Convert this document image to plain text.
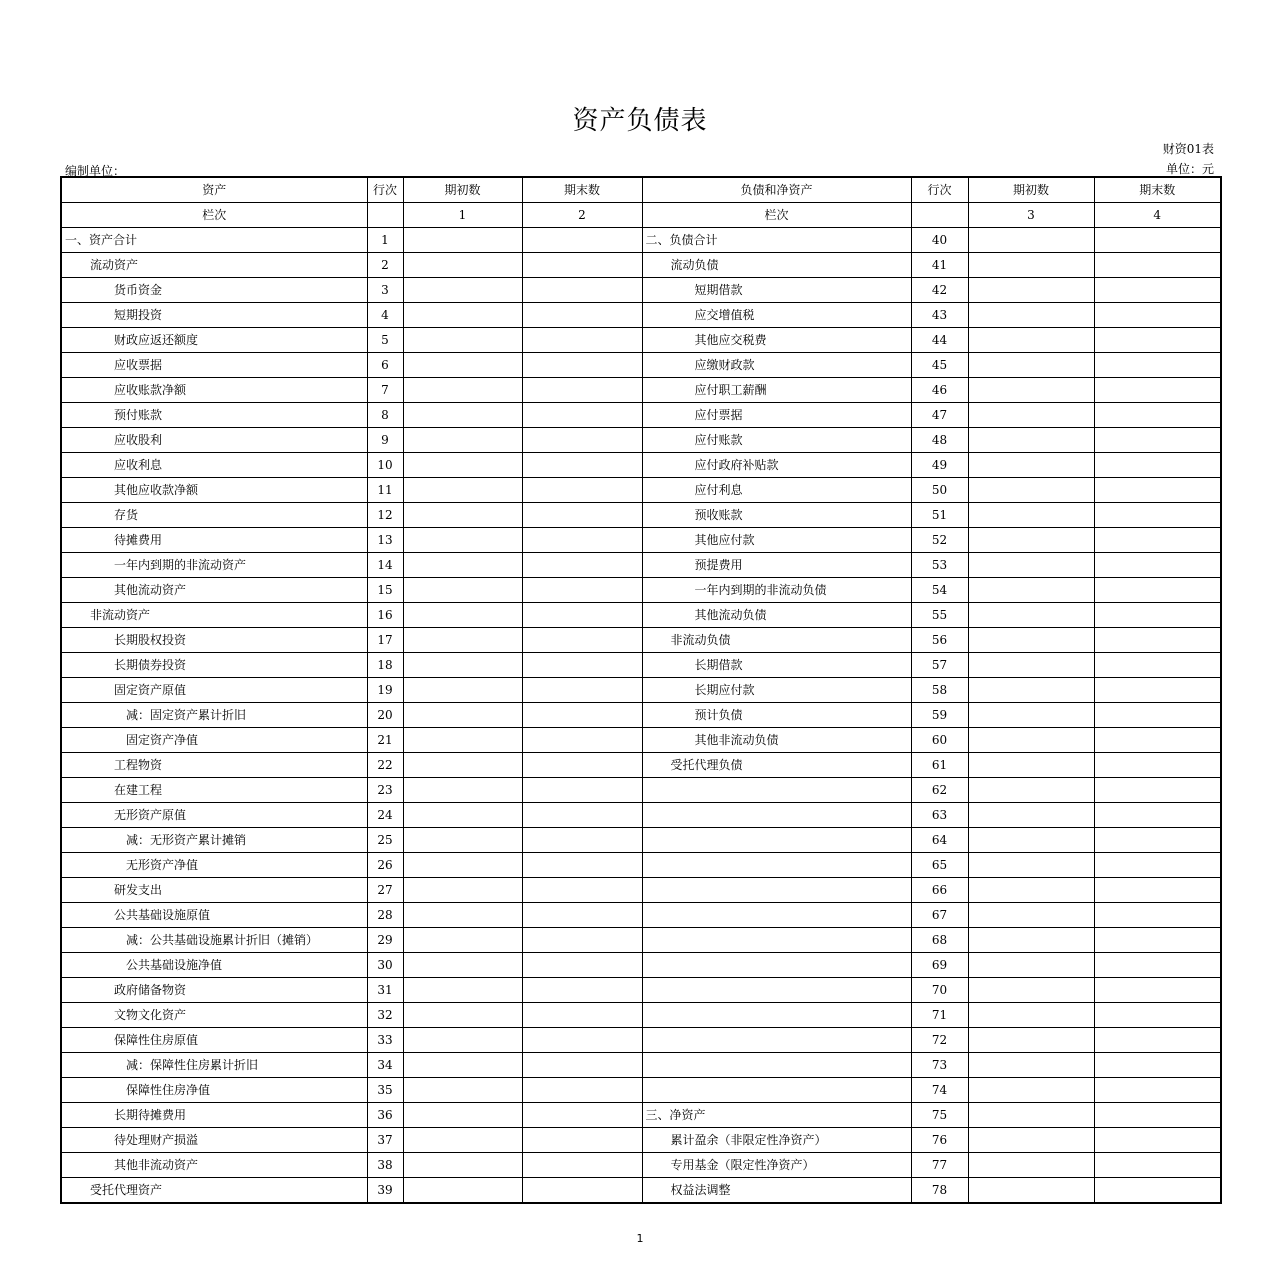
资产负债表
财资01表
单位：元
编制单位：
资产	行次	期初数	期末数	负债和净资产	行次	期初数	期末数
栏次		1	2	栏次		3	4
一、资产合计	1			二、负债合计	40		
流动资产	2			流动负债	41		
货币资金	3			短期借款	42		
短期投资	4			应交增值税	43		
财政应返还额度	5			其他应交税费	44		
应收票据	6			应缴财政款	45		
应收账款净额	7			应付职工薪酬	46		
预付账款	8			应付票据	47		
应收股利	9			应付账款	48		
应收利息	10			应付政府补贴款	49		
其他应收款净额	11			应付利息	50		
存货	12			预收账款	51		
待摊费用	13			其他应付款	52		
一年内到期的非流动资产	14			预提费用	53		
其他流动资产	15			一年内到期的非流动负债	54		
非流动资产	16			其他流动负债	55		
长期股权投资	17			非流动负债	56		
长期债券投资	18			长期借款	57		
固定资产原值	19			长期应付款	58		
减：固定资产累计折旧	20			预计负债	59		
固定资产净值	21			其他非流动负债	60		
工程物资	22			受托代理负债	61		
在建工程	23				62		
无形资产原值	24				63		
减：无形资产累计摊销	25				64		
无形资产净值	26				65		
研发支出	27				66		
公共基础设施原值	28				67		
减：公共基础设施累计折旧（摊销）	29				68		
公共基础设施净值	30				69		
政府储备物资	31				70		
文物文化资产	32				71		
保障性住房原值	33				72		
减：保障性住房累计折旧	34				73		
保障性住房净值	35				74		
长期待摊费用	36			三、净资产	75		
待处理财产损溢	37			累计盈余（非限定性净资产）	76		
其他非流动资产	38			专用基金（限定性净资产）	77		
受托代理资产	39			权益法调整	78		
1
